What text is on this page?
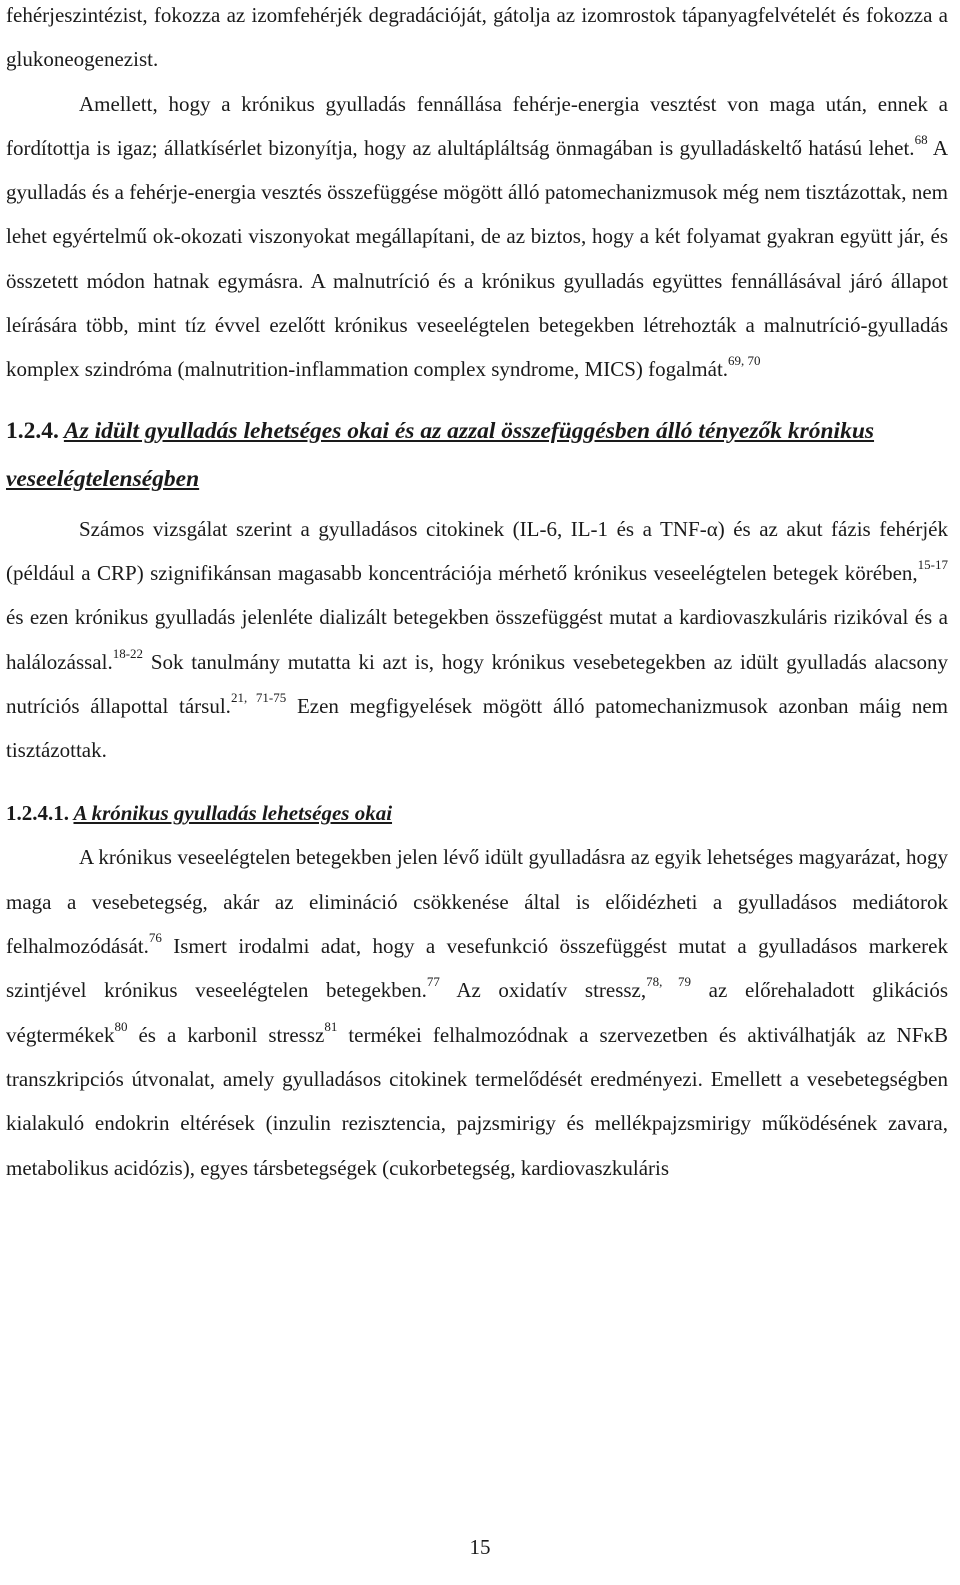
fehérjeszintézist, fokozza az izomfehérjék degradációját, gátolja az izomrostok tápanyagfelvételét és fokozza a glukoneogenezist.

Amellett, hogy a krónikus gyulladás fennállása fehérje-energia vesztést von maga után, ennek a fordítottja is igaz; állatkísérlet bizonyítja, hogy az alultápláltság önmagában is gyulladáskeltő hatású lehet.$^{68}$ A gyulladás és a fehérje-energia vesztés összefüggése mögött álló patomechanizmusok még nem tisztázottak, nem lehet egyértelmű ok-okozati viszonyokat megállapítani, de az biztos, hogy a két folyamat gyakran együtt jár, és összetett módon hatnak egymásra. A malnutríció és a krónikus gyulladás együttes fennállásával járó állapot leírására több, mint tíz évvel ezelőtt krónikus veseelégtelen betegekben létrehozták a malnutríció-gyulladás komplex szindróma (malnutrition-inflammation complex syndrome, MICS) fogalmát.$^{69, 70}$

1.2.4. Az idült gyulladás lehetséges okai és az azzal összefüggésben álló tényezők krónikus veseelégtelenségben

Számos vizsgálat szerint a gyulladásos citokinek (IL-6, IL-1 és a TNF-α) és az akut fázis fehérjék (például a CRP) szignifikánsan magasabb koncentrációja mérhető krónikus veseelégtelen betegek körében,$^{15-17}$ és ezen krónikus gyulladás jelenléte dializált betegekben összefüggést mutat a kardiovaszkuláris rizikóval és a halálozással.$^{18-22}$ Sok tanulmány mutatta ki azt is, hogy krónikus vesebetegekben az idült gyulladás alacsony nutríciós állapottal társul.$^{21, 71-75}$ Ezen megfigyelések mögött álló patomechanizmusok azonban máig nem tisztázottak.

1.2.4.1. A krónikus gyulladás lehetséges okai

A krónikus veseelégtelen betegekben jelen lévő idült gyulladásra az egyik lehetséges magyarázat, hogy maga a vesebetegség, akár az elimináció csökkenése által is előidézheti a gyulladásos mediátorok felhalmozódását.$^{76}$ Ismert irodalmi adat, hogy a vesefunkció összefüggést mutat a gyulladásos markerek szintjével krónikus veseelégtelen betegekben.$^{77}$ Az oxidatív stressz,$^{78, 79}$ az előrehaladott glikációs végtermékek$^{80}$ és a karbonil stressz$^{81}$ termékei felhalmozódnak a szervezetben és aktiválhatják az NFκB transzkripciós útvonalat, amely gyulladásos citokinek termelődését eredményezi. Emellett a vesebetegségben kialakuló endokrin eltérések (inzulin rezisztencia, pajzsmirigy és mellékpajzsmirigy működésének zavara, metabolikus acidózis), egyes társbetegségek (cukorbetegség, kardiovaszkuláris

15
